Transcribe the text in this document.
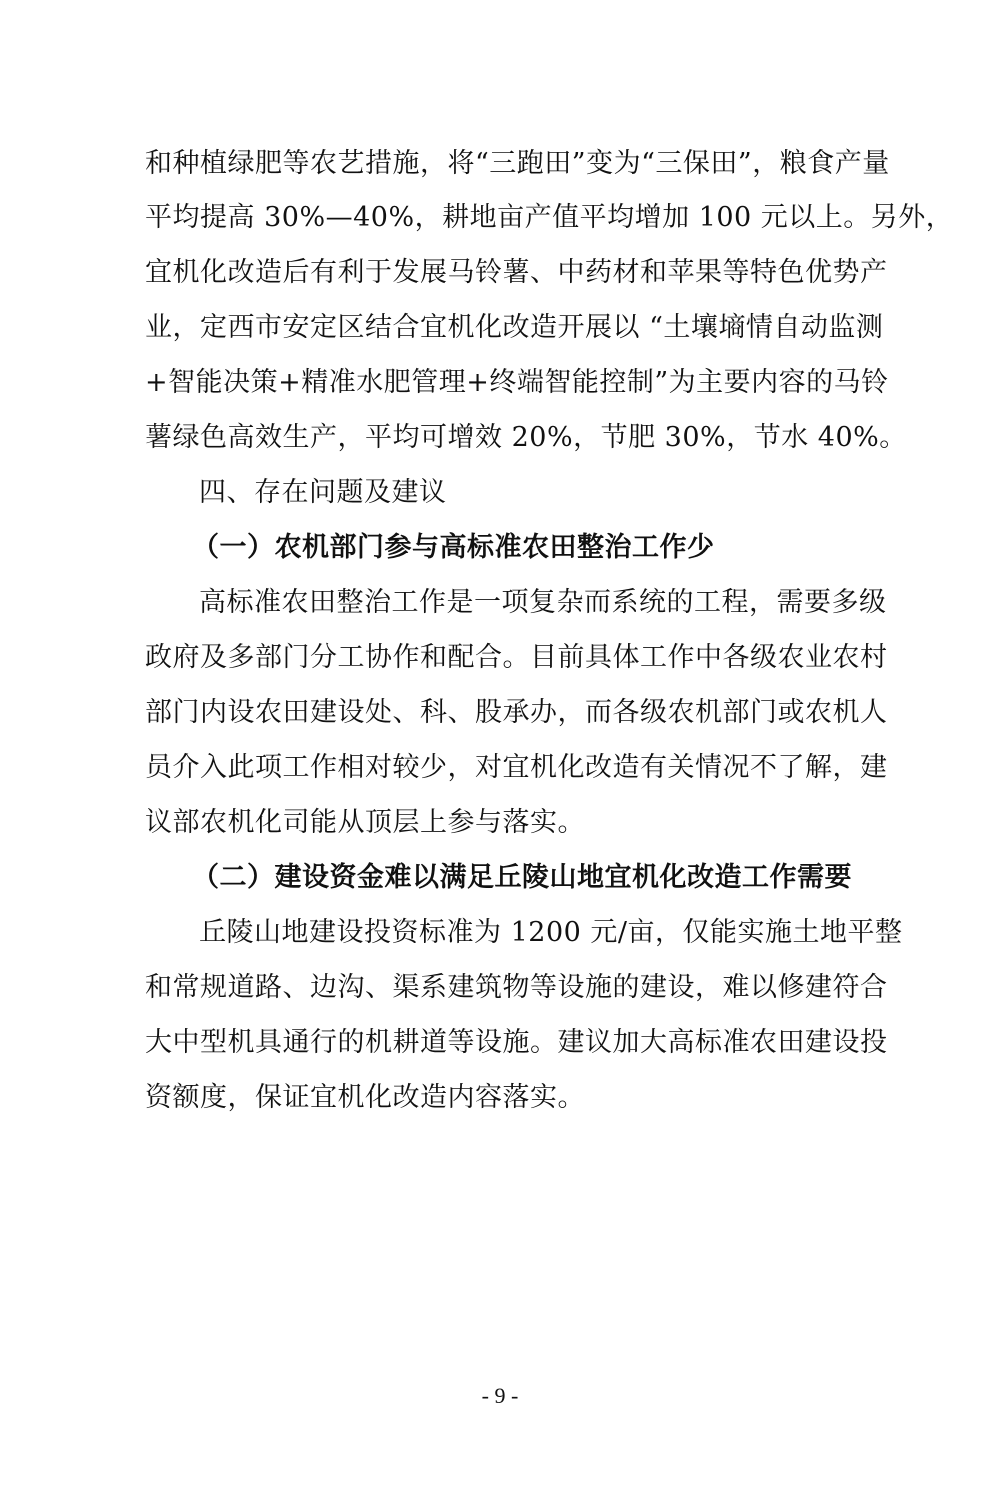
和种植绿肥等农艺措施，将“三跑田”变为“三保田”，粮食产量
平均提高 30%—40%，耕地亩产值平均增加 100 元以上。另外，
宜机化改造后有利于发展马铃薯、中药材和苹果等特色优势产
业，定西市安定区结合宜机化改造开展以 “土壤墒情自动监测
+智能决策+精准水肥管理+终端智能控制”为主要内容的马铃
薯绿色高效生产，平均可增效 20%，节肥 30%，节水 40%。
四、存在问题及建议
（一）农机部门参与高标准农田整治工作少
高标准农田整治工作是一项复杂而系统的工程，需要多级
政府及多部门分工协作和配合。目前具体工作中各级农业农村
部门内设农田建设处、科、股承办，而各级农机部门或农机人
员介入此项工作相对较少，对宜机化改造有关情况不了解，建
议部农机化司能从顶层上参与落实。
（二）建设资金难以满足丘陵山地宜机化改造工作需要
丘陵山地建设投资标准为 1200 元/亩，仅能实施土地平整
和常规道路、边沟、渠系建筑物等设施的建设，难以修建符合
大中型机具通行的机耕道等设施。建议加大高标准农田建设投
资额度，保证宜机化改造内容落实。
- 9 -
